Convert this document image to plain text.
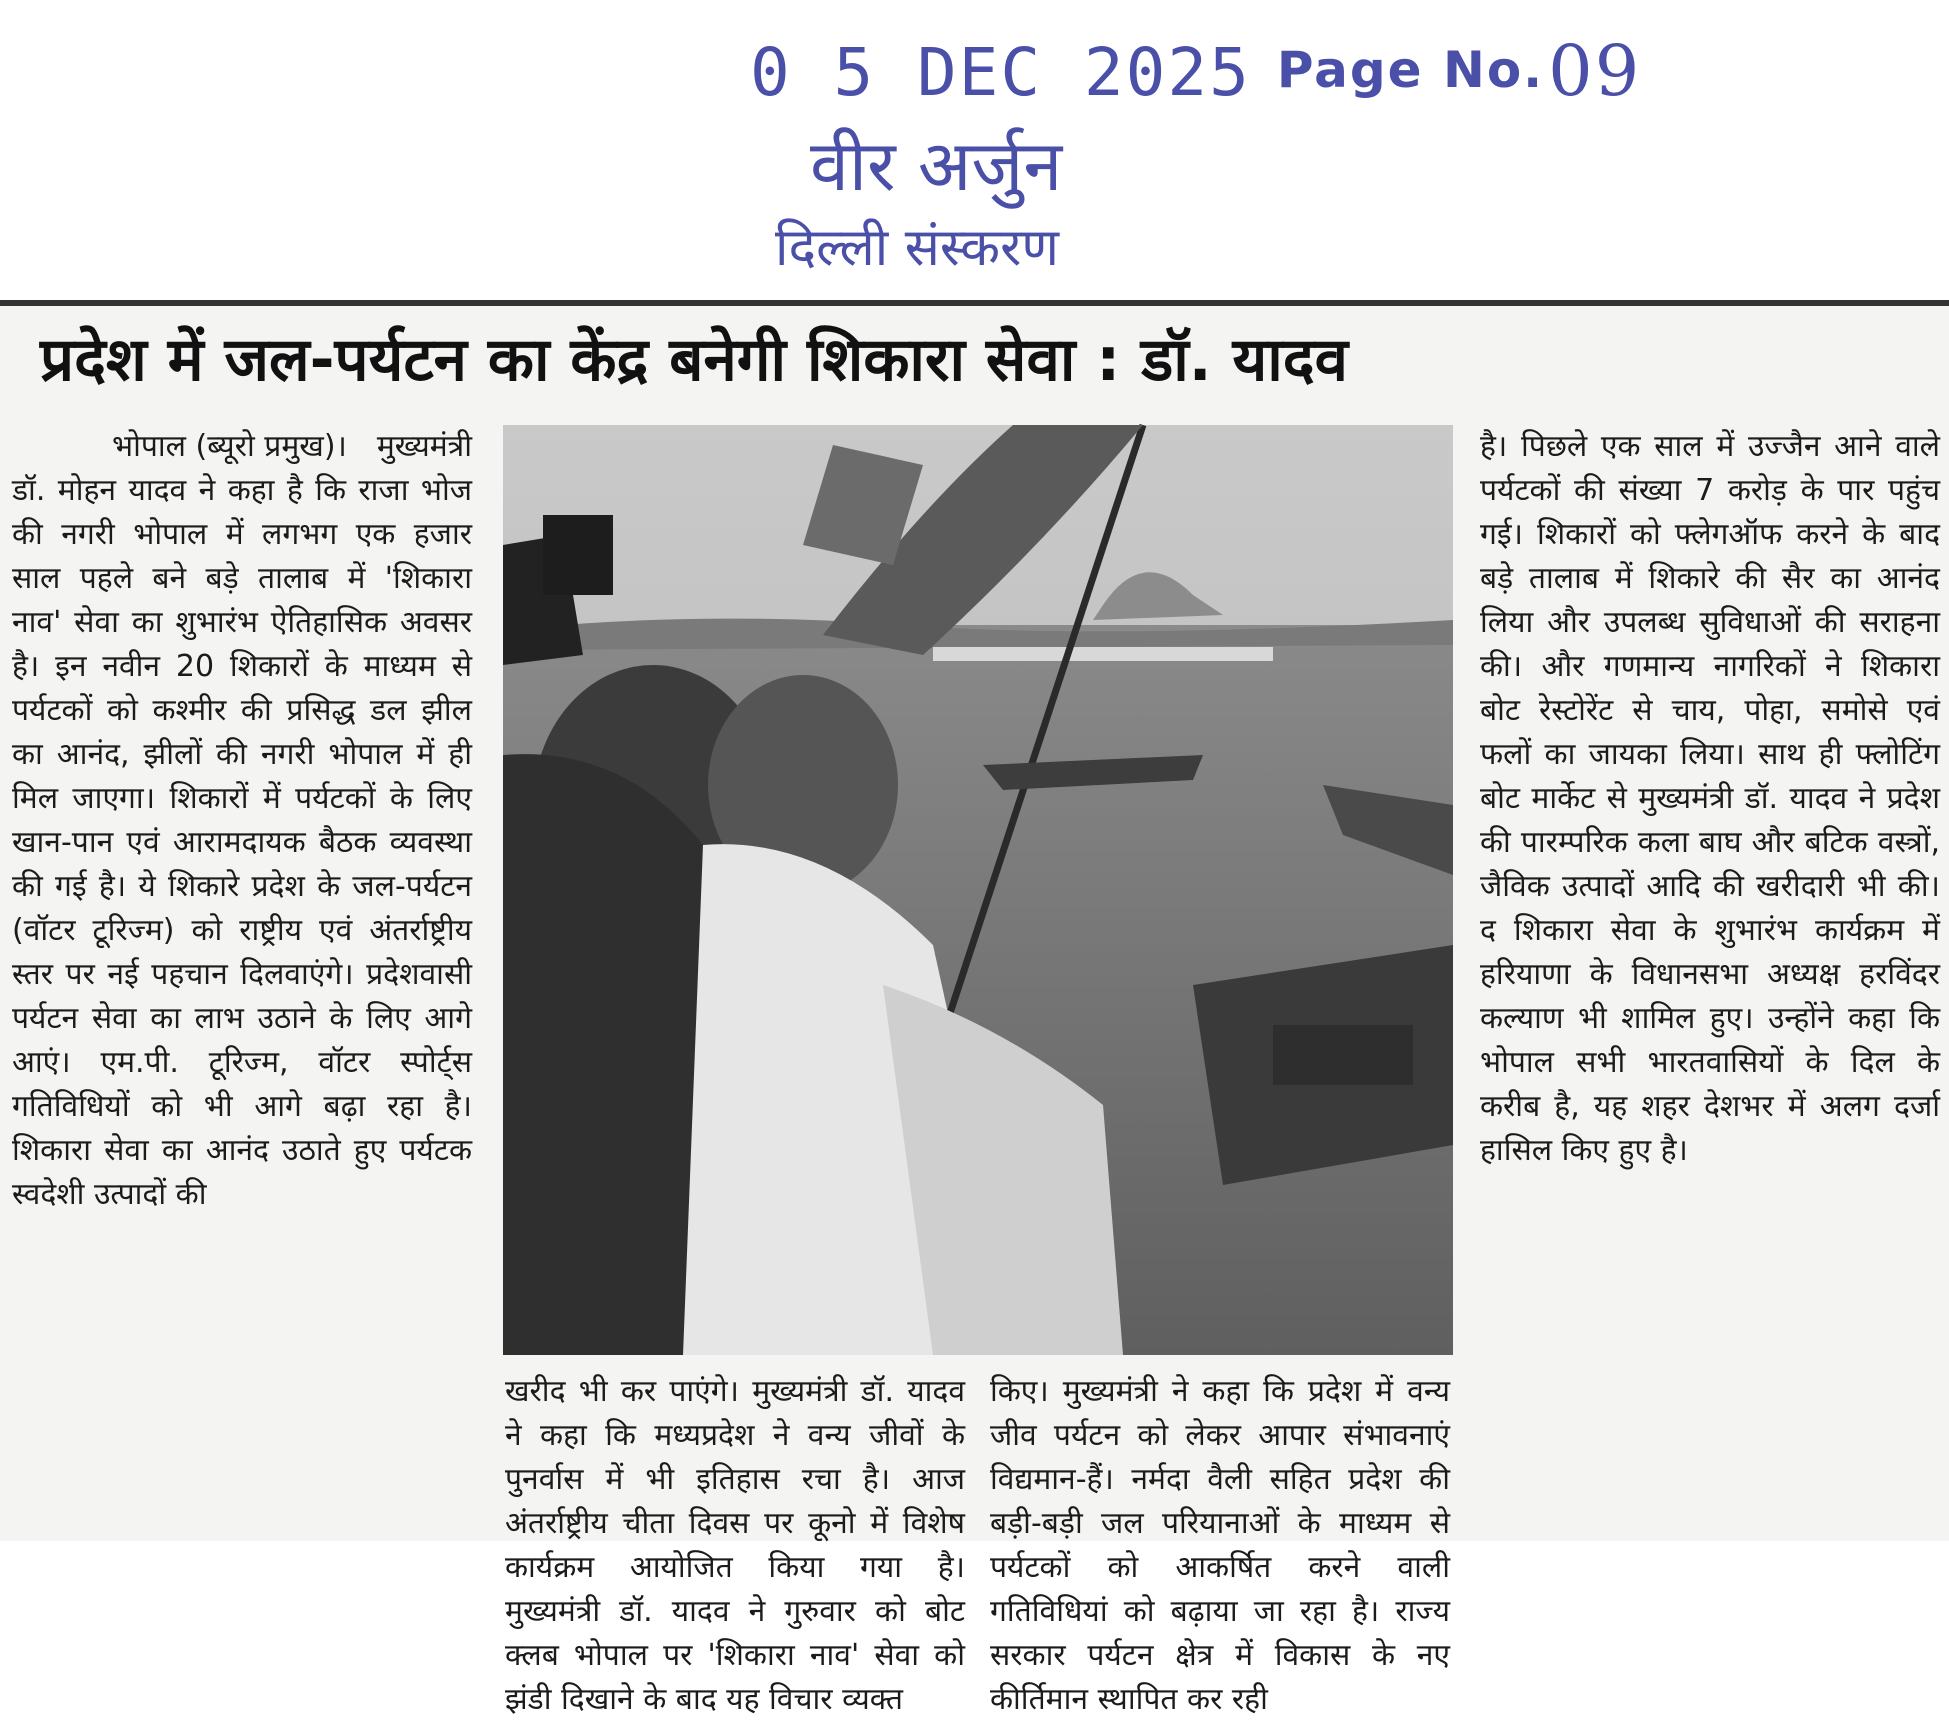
0 5 DEC 2025 Page No.09
वीर अर्जुन
दिल्ली संस्करण
प्रदेश में जल-पर्यटन का केंद्र बनेगी शिकारा सेवा : डॉ. यादव
भोपाल (ब्यूरो प्रमुख)। मुख्यमंत्री डॉ. मोहन यादव ने कहा है कि राजा भोज की नगरी भोपाल में लगभग एक हजार साल पहले बने बड़े तालाब में 'शिकारा नाव' सेवा का शुभारंभ ऐतिहासिक अवसर है। इन नवीन 20 शिकारों के माध्यम से पर्यटकों को कश्मीर की प्रसिद्ध डल झील का आनंद, झीलों की नगरी भोपाल में ही मिल जाएगा। शिकारों में पर्यटकों के लिए खान-पान एवं आरामदायक बैठक व्यवस्था की गई है। ये शिकारे प्रदेश के जल-पर्यटन (वॉटर टूरिज्म) को राष्ट्रीय एवं अंतर्राष्ट्रीय स्तर पर नई पहचान दिलवाएंगे। प्रदेशवासी पर्यटन सेवा का लाभ उठाने के लिए आगे आएं। एम.पी. टूरिज्म, वॉटर स्पोर्ट्स गतिविधियों को भी आगे बढ़ा रहा है। शिकारा सेवा का आनंद उठाते हुए पर्यटक स्वदेशी उत्पादों की
खरीद भी कर पाएंगे। मुख्यमंत्री डॉ. यादव ने कहा कि मध्यप्रदेश ने वन्य जीवों के पुनर्वास में भी इतिहास रचा है। आज अंतर्राष्ट्रीय चीता दिवस पर कूनो में विशेष कार्यक्रम आयोजित किया गया है। मुख्यमंत्री डॉ. यादव ने गुरुवार को बोट क्लब भोपाल पर 'शिकारा नाव' सेवा को झंडी दिखाने के बाद यह विचार व्यक्त
किए। मुख्यमंत्री ने कहा कि प्रदेश में वन्य जीव पर्यटन को लेकर आपार संभावनाएं विद्यमान-हैं। नर्मदा वैली सहित प्रदेश की बड़ी-बड़ी जल परियानाओं के माध्यम से पर्यटकों को आकर्षित करने वाली गतिविधियां को बढ़ाया जा रहा है। राज्य सरकार पर्यटन क्षेत्र में विकास के नए कीर्तिमान स्थापित कर रही
है। पिछले एक साल में उज्जैन आने वाले पर्यटकों की संख्या 7 करोड़ के पार पहुंच गई। शिकारों को फ्लेगऑफ करने के बाद बड़े तालाब में शिकारे की सैर का आनंद लिया और उपलब्ध सुविधाओं की सराहना की। और गणमान्य नागरिकों ने शिकारा बोट रेस्टोरेंट से चाय, पोहा, समोसे एवं फलों का जायका लिया। साथ ही फ्लोटिंग बोट मार्केट से मुख्यमंत्री डॉ. यादव ने प्रदेश की पारम्परिक कला बाघ और बटिक वस्त्रों, जैविक उत्पादों आदि की खरीदारी भी की। द शिकारा सेवा के शुभारंभ कार्यक्रम में हरियाणा के विधानसभा अध्यक्ष हरविंदर कल्याण भी शामिल हुए। उन्होंने कहा कि भोपाल सभी भारतवासियों के दिल के करीब है, यह शहर देशभर में अलग दर्जा हासिल किए हुए है।
